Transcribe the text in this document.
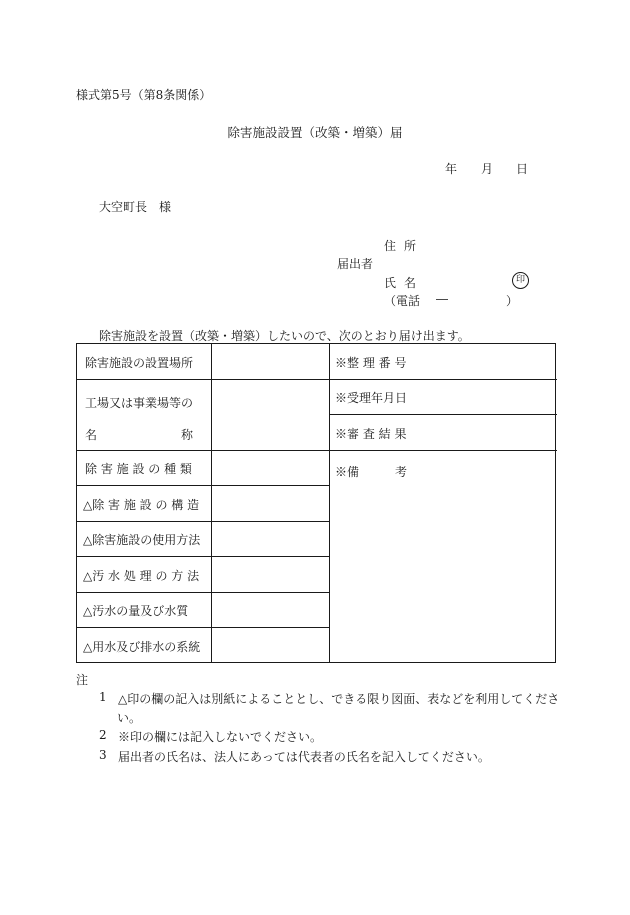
様式第5号（第8条関係）
除害施設設置（改築・増築）届
年 月 日
大空町長　様
住所
届出者
氏名	印
（電話 ―	）
除害施設を設置（改築・増築）したいので、次のとおり届け出ます。
除害施設の設置場所
工場又は事業場等の
名　　　　　　　称
除 害 施 設 の 種 類
△除 害 施 設 の 構 造
△除害施設の使用方法
△汚 水 処 理 の 方 法
△汚水の量及び水質
△用水及び排水の系統
※整 理 番 号
※受理年月日
※審 査 結 果
※備　　　考
注
1 △印の欄の記入は別紙によることとし、できる限り図面、表などを利用してくださ
い。
2 ※印の欄には記入しないでください。
3 届出者の氏名は、法人にあっては代表者の氏名を記入してください。
